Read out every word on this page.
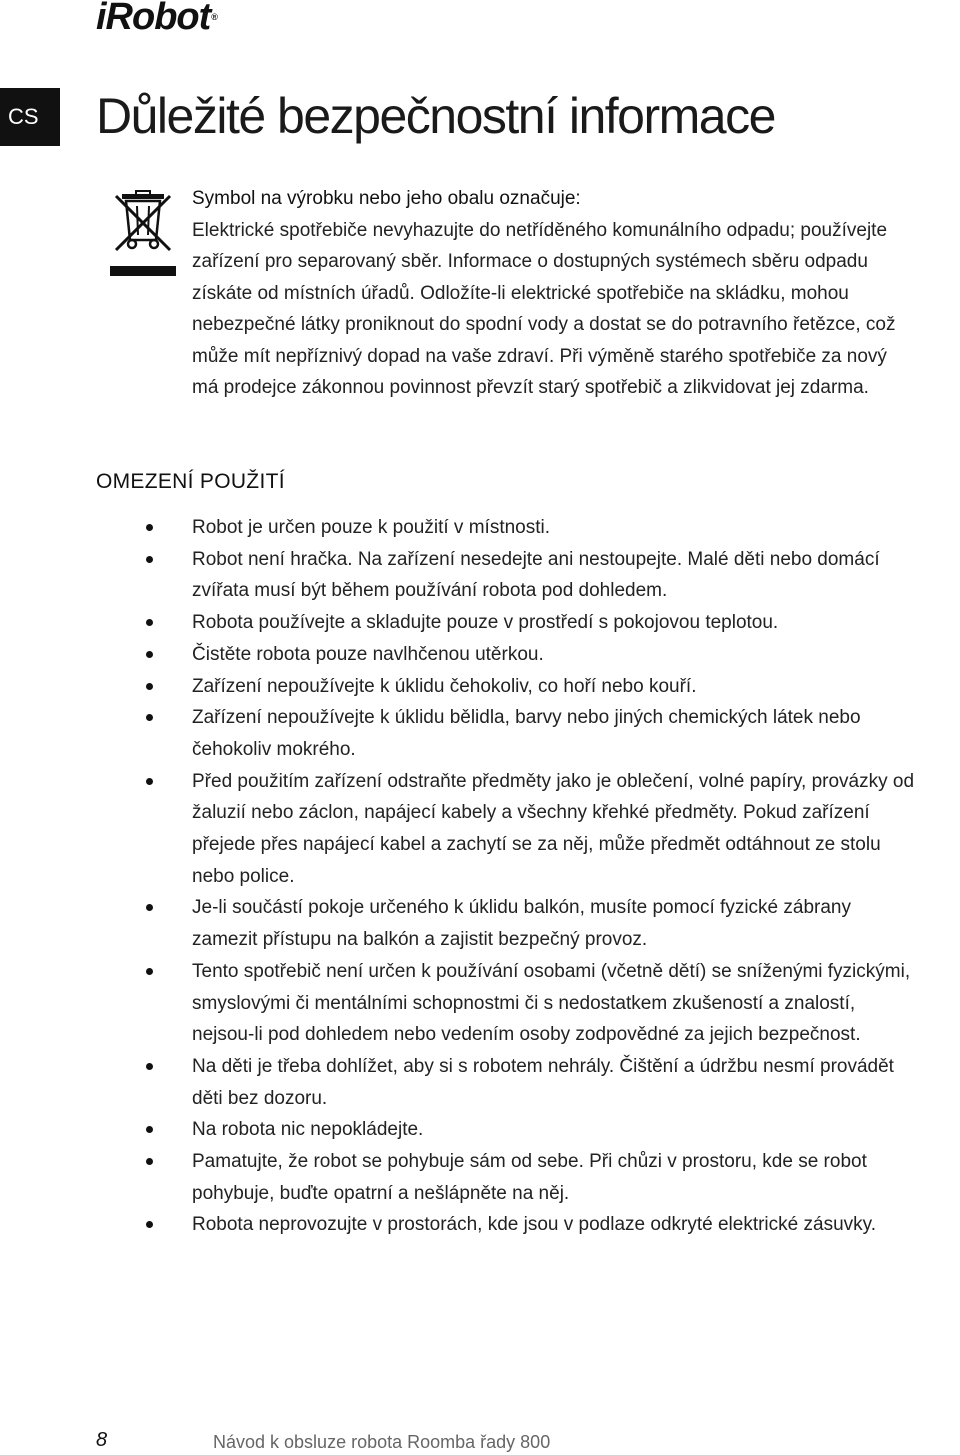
iRobot®
CS	Důležité bezpečnostní informace
Symbol na výrobku nebo jeho obalu označuje:
Elektrické spotřebiče nevyhazujte do netříděného komunálního odpadu; používejte zařízení pro separovaný sběr. Informace o dostupných systémech sběru odpadu získáte od místních úřadů. Odložíte-li elektrické spotřebiče na skládku, mohou nebezpečné látky proniknout do spodní vody a dostat se do potravního řetězce, což může mít nepříznivý dopad na vaše zdraví. Při výměně starého spotřebiče za nový má prodejce zákonnou povinnost převzít starý spotřebič a zlikvidovat jej zdarma.
OMEZENÍ POUŽITÍ
Robot je určen pouze k použití v místnosti.
Robot není hračka. Na zařízení nesedejte ani nestoupejte. Malé děti nebo domácí zvířata musí být během používání robota pod dohledem.
Robota používejte a skladujte pouze v prostředí s pokojovou teplotou.
Čistěte robota pouze navlhčenou utěrkou.
Zařízení nepoužívejte k úklidu čehokoliv, co hoří nebo kouří.
Zařízení nepoužívejte k úklidu bělidla, barvy nebo jiných chemických látek nebo čehokoliv mokrého.
Před použitím zařízení odstraňte předměty jako je oblečení, volné papíry, provázky od žaluzií nebo záclon, napájecí kabely a všechny křehké předměty. Pokud zařízení přejede přes napájecí kabel a zachytí se za něj, může předmět odtáhnout ze stolu nebo police.
Je-li součástí pokoje určeného k úklidu balkón, musíte pomocí fyzické zábrany zamezit přístupu na balkón a zajistit bezpečný provoz.
Tento spotřebič není určen k používání osobami (včetně dětí) se sníženými fyzickými, smyslovými či mentálními schopnostmi či s nedostatkem zkušeností a znalostí, nejsou-li pod dohledem nebo vedením osoby zodpovědné za jejich bezpečnost.
Na děti je třeba dohlížet, aby si s robotem nehrály. Čištění a údržbu nesmí provádět děti bez dozoru.
Na robota nic nepokládejte.
Pamatujte, že robot se pohybuje sám od sebe. Při chůzi v prostoru, kde se robot pohybuje, buďte opatrní a nešlápněte na něj.
Robota neprovozujte v prostorách, kde jsou v podlaze odkryté elektrické zásuvky.
8	Návod k obsluze robota Roomba řady 800
